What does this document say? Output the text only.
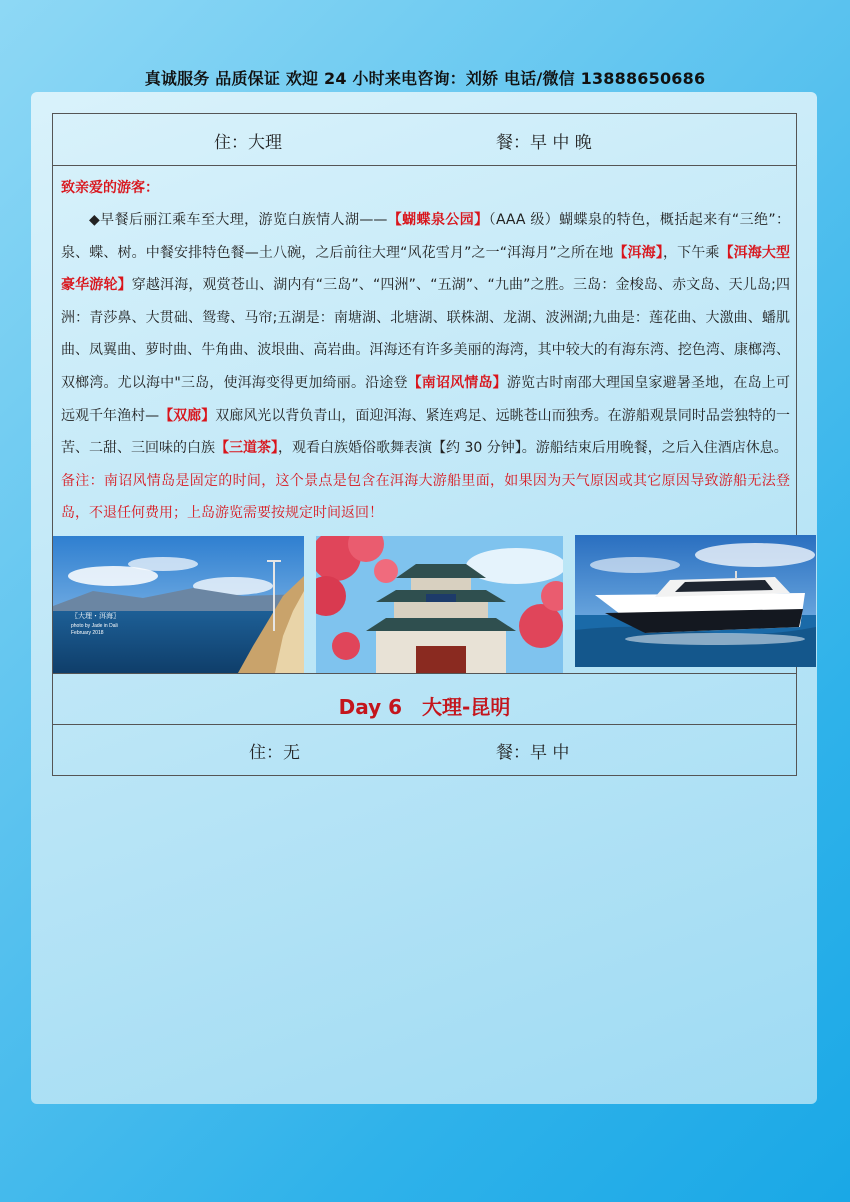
真诚服务 品质保证 欢迎 24 小时来电咨询：刘娇 电话/微信 13888650686
住：大理	餐：早 中 晚
致亲爱的游客：
◆早餐后丽江乘车至大理，游览白族情人湖——【蝴蝶泉公园】（AAA 级）蝴蝶泉的特色，概括起来有“三绝”：泉、蝶、树。中餐安排特色餐—土八碗，之后前往大理“风花雪月”之一“洱海月”之所在地【洱海】，下午乘【洱海大型豪华游轮】穿越洱海，观赏苍山、湖内有“三岛”、“四洲”、“五湖”、“九曲”之胜。三岛：金梭岛、赤文岛、天儿岛;四洲：青莎鼻、大贯础、鸳鸯、马帘;五湖是：南塘湖、北塘湖、联株湖、龙湖、波洲湖;九曲是：莲花曲、大激曲、蟠肌曲、凤翼曲、萝时曲、牛角曲、波垠曲、高岩曲。洱海还有许多美丽的海湾，其中较大的有海东湾、挖色湾、康榔湾、双榔湾。尤以海中"三岛，使洱海变得更加绮丽。沿途登【南诏风情岛】游览古时南邵大理国皇家避暑圣地，在岛上可远观千年渔村—【双廊】双廊风光以背负青山，面迎洱海、紧连鸡足、远眺苍山而独秀。在游船观景同时品尝独特的一苦、二甜、三回味的白族【三道茶】，观看白族婚俗歌舞表演【约 30 分钟】。游船结束后用晚餐，之后入住酒店休息。
备注：南诏风情岛是固定的时间，这个景点是包含在洱海大游船里面，如果因为天气原因或其它原因导致游船无法登岛，不退任何费用；上岛游览需要按规定时间返回！
〖大理・洱海〗
photo by Jade in Dali
February 2018
Day 6　大理-昆明
住：无	餐：早 中
